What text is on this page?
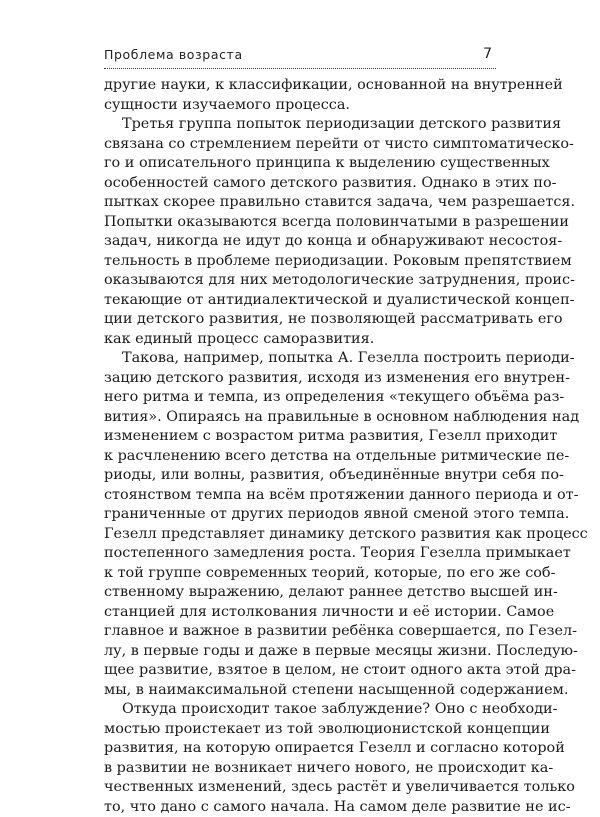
Проблема возраста	7
другие науки, к классификации, основанной на внутренней
сущности изучаемого процесса.
Третья группа попыток периодизации детского развития
связана со стремлением перейти от чисто симптоматическо-
го и описательного принципа к выделению существенных
особенностей самого детского развития. Однако в этих по-
пытках скорее правильно ставится задача, чем разрешается.
Попытки оказываются всегда половинчатыми в разрешении
задач, никогда не идут до конца и обнаруживают несостоя-
тельность в проблеме периодизации. Роковым препятствием
оказываются для них методологические затруднения, проис-
текающие от антидиалектической и дуалистической концеп-
ции детского развития, не позволяющей рассматривать его
как единый процесс саморазвития.
Такова, например, попытка А. Гезелла построить периоди-
зацию детского развития, исходя из изменения его внутрен-
него ритма и темпа, из определения «текущего объёма раз-
вития». Опираясь на правильные в основном наблюдения над
изменением с возрастом ритма развития, Гезелл приходит
к расчленению всего детства на отдельные ритмические пе-
риоды, или волны, развития, объединённые внутри себя по-
стоянством темпа на всём протяжении данного периода и от-
граниченные от других периодов явной сменой этого темпа.
Гезелл представляет динамику детского развития как процесс
постепенного замедления роста. Теория Гезелла примыкает
к той группе современных теорий, которые, по его же соб-
ственному выражению, делают раннее детство высшей ин-
станцией для истолкования личности и её истории. Самое
главное и важное в развитии ребёнка совершается, по Гезел-
лу, в первые годы и даже в первые месяцы жизни. Последую-
щее развитие, взятое в целом, не стоит одного акта этой дра-
мы, в наимаксимальной степени насыщенной содержанием.
Откуда происходит такое заблуждение? Оно с необходи-
мостью проистекает из той эволюционистской концепции
развития, на которую опирается Гезелл и согласно которой
в развитии не возникает ничего нового, не происходит ка-
чественных изменений, здесь растёт и увеличивается только
то, что дано с самого начала. На самом деле развитие не ис-
